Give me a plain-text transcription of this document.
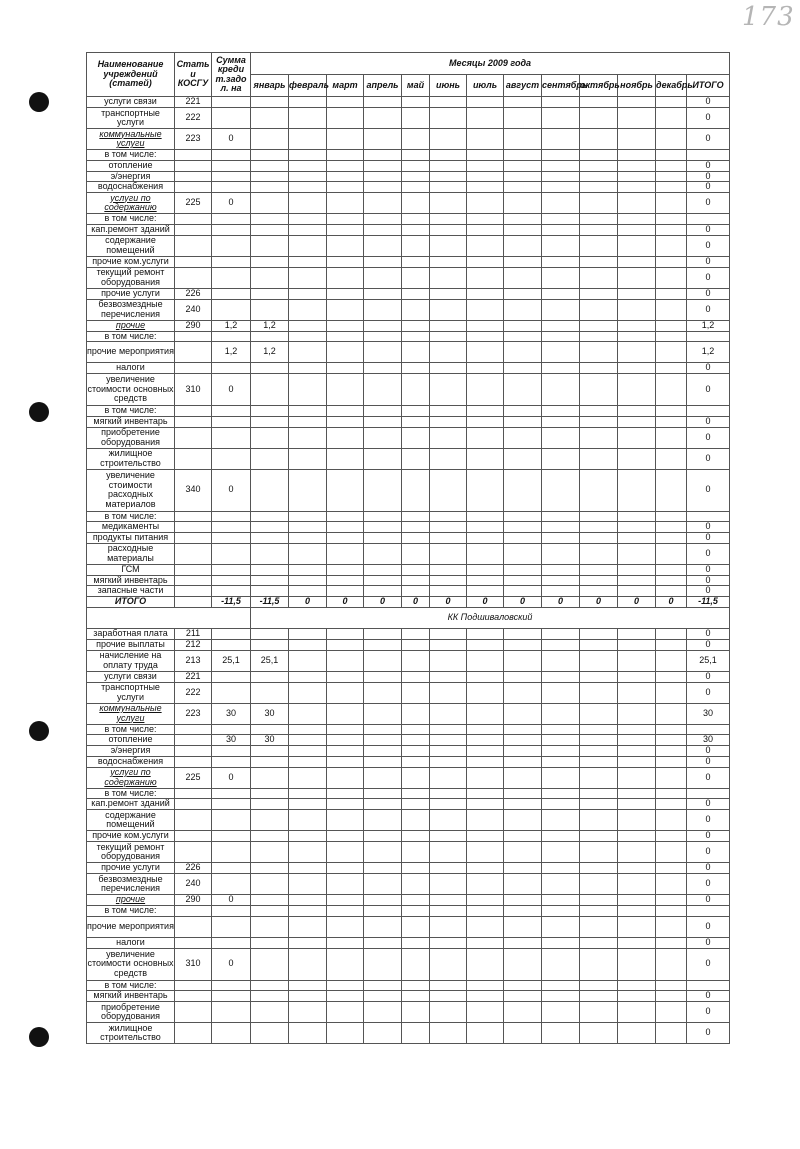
173
Наименование учреждений (статей)	Стать и КОСГУ	Сумма креди т.задо л. на	Месяцы 2009 года												
			январь	февраль	март	апрель	май	июнь	июль	август	сентябрь	октябрь	ноябрь	декабрь	ИТОГО
услуги связи	221														0
транспортные услуги	222														0
коммунальные услуги	223	0													0
в том числе:															
отопление															0
э/энергия															0
водоснабжения															0
услуги по содержанию	225	0													0
в том числе:															
кап.ремонт зданий															0
содержание помещений															0
прочие ком.услуги															0
текущий ремонт оборудования															0
прочие услуги	226														0
безвозмездные перечисления	240														0
прочие	290	1,2	1,2												1,2
в том числе:															
прочие мероприятия		1,2	1,2												1,2
налоги															0
увеличение стоимости основных средств	310	0													0
в том числе:															
мягкий инвентарь															0
приобретение оборудования															0
жилищное строительство															0
увеличение стоимости расходных материалов	340	0													0
в том числе:															
медикаменты															0
продукты питания															0
расходные материалы															0
ГСМ															0
мягкий инвентарь															0
запасные части															0
ИТОГО		-11,5	-11,5	0	0	0	0	0	0	0	0	0	0	0	-11,5
			КК Подшиваловский												
заработная плата	211														0
прочие выплаты	212														0
начисление на оплату труда	213	25,1	25,1												25,1
услуги связи	221														0
транспортные услуги	222														0
коммунальные услуги	223	30	30												30
в том числе:															
отопление		30	30												30
э/энергия															0
водоснабжения															0
услуги по содержанию	225	0													0
в том числе:															
кап.ремонт зданий															0
содержание помещений															0
прочие ком.услуги															0
текущий ремонт оборудования															0
прочие услуги	226														0
безвозмездные перечисления	240														0
прочие	290	0													0
в том числе:															
прочие мероприятия															0
налоги															0
увеличение стоимости основных средств	310	0													0
в том числе:															
мягкий инвентарь															0
приобретение оборудования															0
жилищное строительство															0
